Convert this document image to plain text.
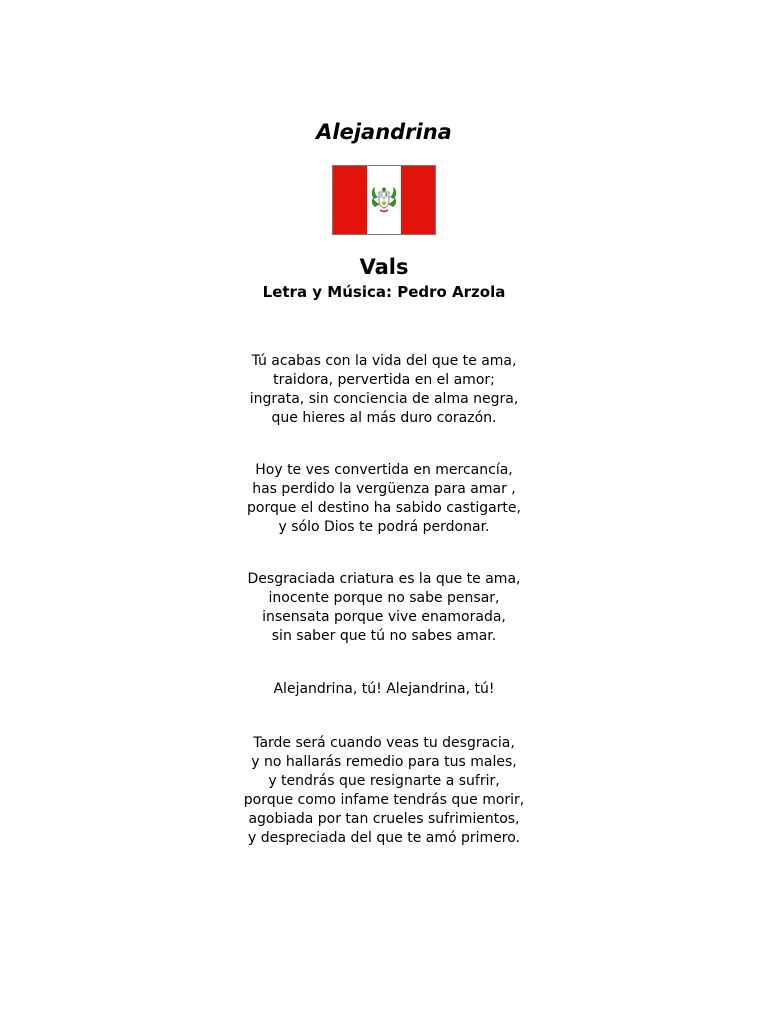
Alejandrina
Vals
Letra y Música: Pedro Arzola
Tú acabas con la vida del que te ama,
traidora, pervertida en el amor;
ingrata, sin conciencia de alma negra,
que hieres al más duro corazón.
Hoy te ves convertida en mercancía,
has perdido la vergüenza para amar ,
porque el destino ha sabido castigarte,
y sólo Dios te podrá perdonar.
Desgraciada criatura es la que te ama,
inocente porque no sabe pensar,
insensata porque vive enamorada,
sin saber que tú no sabes amar.
Alejandrina, tú! Alejandrina, tú!
Tarde será cuando veas tu desgracia,
y no hallarás remedio para tus males,
y tendrás que resignarte a sufrir,
porque como infame tendrás que morir,
agobiada por tan crueles sufrimientos,
y despreciada del que te amó primero.
